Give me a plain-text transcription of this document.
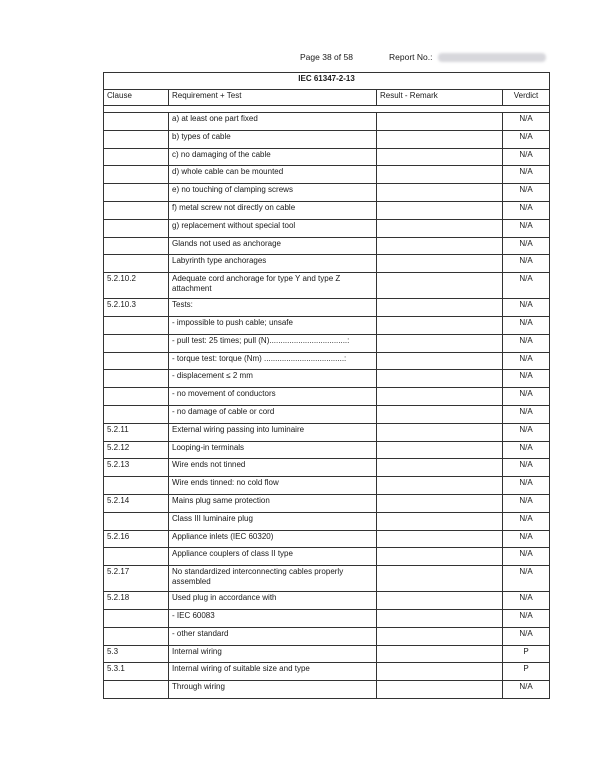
Page 38 of 58	Report No.:
IEC 61347-2-13			
Clause	Requirement + Test	Result - Remark	Verdict

	a) at least one part fixed		N/A
	b) types of cable		N/A
	c) no damaging of the cable		N/A
	d) whole cable can be mounted		N/A
	e) no touching of clamping screws		N/A
	f) metal screw not directly on cable		N/A
	g) replacement without special tool		N/A
	Glands not used as anchorage		N/A
	Labyrinth type anchorages		N/A
5.2.10.2	Adequate cord anchorage for type Y and type Z attachment		N/A
5.2.10.3	Tests:		N/A
	- impossible to push cable; unsafe		N/A
	- pull test: 25 times; pull (N)...................................:		N/A
	- torque test: torque (Nm) ....................................:		N/A
	- displacement ≤ 2 mm		N/A
	- no movement of conductors		N/A
	- no damage of cable or cord		N/A
5.2.11	External wiring passing into luminaire		N/A
5.2.12	Looping-in terminals		N/A
5.2.13	Wire ends not tinned		N/A
	Wire ends tinned: no cold flow		N/A
5.2.14	Mains plug same protection		N/A
	Class III luminaire plug		N/A
5.2.16	Appliance inlets (IEC 60320)		N/A
	Appliance couplers of class II type		N/A
5.2.17	No standardized interconnecting cables properly assembled		N/A
5.2.18	Used plug in accordance with		N/A
	- IEC 60083		N/A
	- other standard		N/A
5.3	Internal wiring		P
5.3.1	Internal wiring of suitable size and type		P
	Through wiring		N/A
